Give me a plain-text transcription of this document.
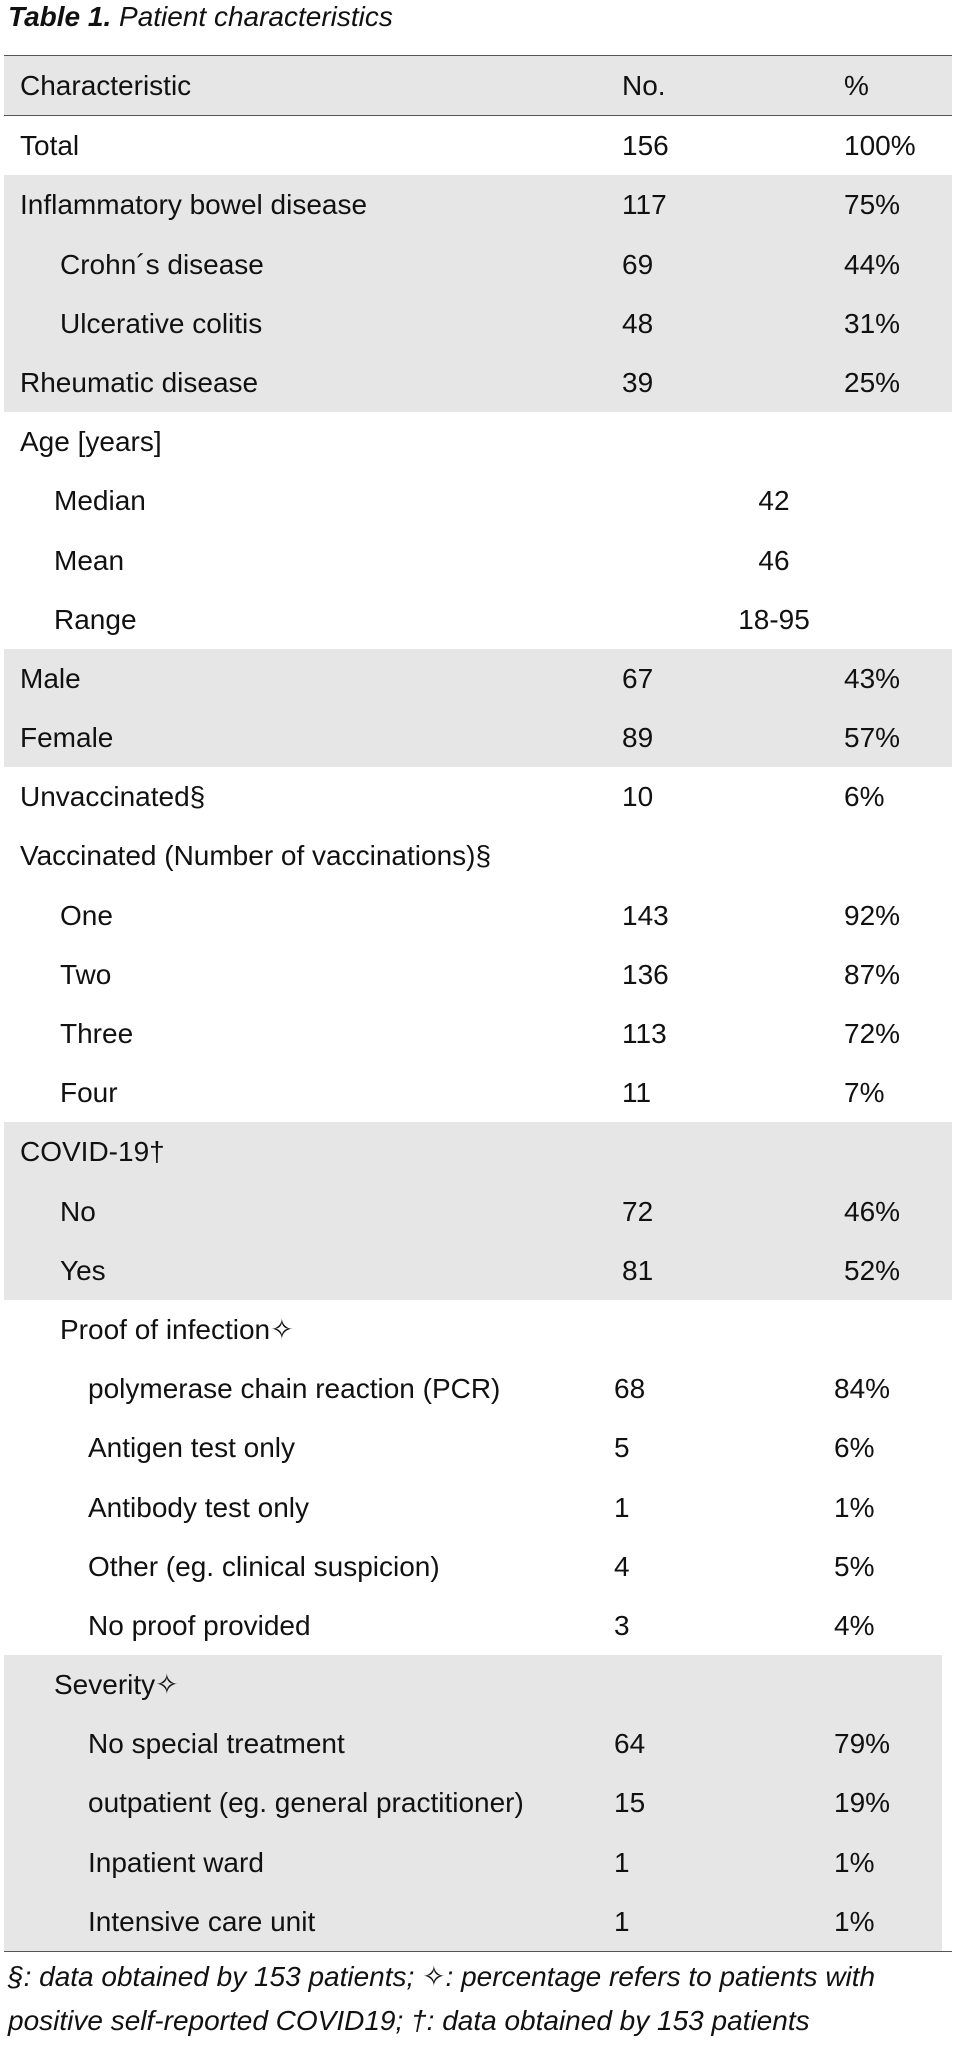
Table 1. Patient characteristics
Characteristic	No.	%
Total	156	100%
Inflammatory bowel disease	117	75%
Crohn´s disease	69	44%
Ulcerative colitis	48	31%
Rheumatic disease	39	25%
Age [years]
Median	42
Mean	46
Range	18-95
Male	67	43%
Female	89	57%
Unvaccinated§	10	6%
Vaccinated (Number of vaccinations)§
One	143	92%
Two	136	87%
Three	113	72%
Four	11	7%
COVID-19†
No	72	46%
Yes	81	52%
Proof of infection✧
polymerase chain reaction (PCR)	68	84%
Antigen test only	5	6%
Antibody test only	1	1%
Other (eg. clinical suspicion)	4	5%
No proof provided	3	4%
Severity✧
No special treatment	64	79%
outpatient (eg. general practitioner)	15	19%
Inpatient ward	1	1%
Intensive care unit	1	1%
§: data obtained by 153 patients; ✧: percentage refers to patients with positive self-reported COVID19; †: data obtained by 153 patients
